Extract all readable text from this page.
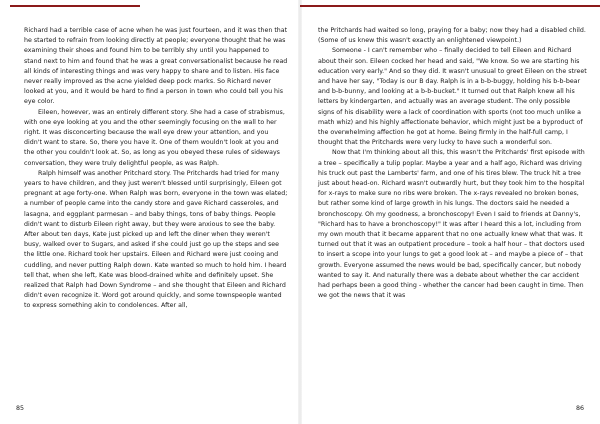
Richard had a terrible case of acne when he was just fourteen, and it was then that he started to refrain from looking directly at people; everyone thought that he was examining their shoes and found him to be terribly shy until you happened to stand next to him and found that he was a great conversationalist because he read all kinds of interesting things and was very happy to share and to listen. His face never really improved as the acne yielded deep pock marks. So Richard never looked at you, and it would be hard to find a person in town who could tell you his eye color.

Eileen, however, was an entirely different story. She had a case of strabismus, with one eye looking at you and the other seemingly focusing on the wall to her right. It was disconcerting because the wall eye drew your attention, and you didn't want to stare. So, there you have it. One of them wouldn't look at you and the other you couldn't look at. So, as long as you obeyed these rules of sideways conversation, they were truly delightful people, as was Ralph.

Ralph himself was another Pritchard story. The Pritchards had tried for many years to have children, and they just weren't blessed until surprisingly, Eileen got pregnant at age forty-one. When Ralph was born, everyone in the town was elated; a number of people came into the candy store and gave Richard casseroles, and lasagna, and eggplant parmesan – and baby things, tons of baby things. People didn't want to disturb Eileen right away, but they were anxious to see the baby. After about ten days, Kate just picked up and left the diner when they weren't busy, walked over to Sugars, and asked if she could just go up the steps and see the little one. Richard took her upstairs. Eileen and Richard were just cooing and cuddling, and never putting Ralph down. Kate wanted so much to hold him. I heard tell that, when she left, Kate was blood-drained white and definitely upset. She realized that Ralph had Down Syndrome – and she thought that Eileen and Richard didn't even recognize it. Word got around quickly, and some townspeople wanted to express something akin to condolences. After all,

85

the Pritchards had waited so long, praying for a baby; now they had a disabled child. (Some of us knew this wasn't exactly an enlightened viewpoint.)

Someone - I can't remember who – finally decided to tell Eileen and Richard about their son. Eileen cocked her head and said, "We know. So we are starting his education very early." And so they did. It wasn't unusual to greet Eileen on the street and have her say, "Today is our B day. Ralph is in a b-b-buggy, holding his b-b-bear and b-b-bunny, and looking at a b-b-bucket." It turned out that Ralph knew all his letters by kindergarten, and actually was an average student. The only possible signs of his disability were a lack of coordination with sports (not too much unlike a math whiz) and his highly affectionate behavior, which might just be a byproduct of the overwhelming affection he got at home. Being firmly in the half-full camp, I thought that the Pritchards were very lucky to have such a wonderful son.

Now that I'm thinking about all this, this wasn't the Pritchards' first episode with a tree – specifically a tulip poplar. Maybe a year and a half ago, Richard was driving his truck out past the Lamberts' farm, and one of his tires blew. The truck hit a tree just about head-on. Richard wasn't outwardly hurt, but they took him to the hospital for x-rays to make sure no ribs were broken. The x-rays revealed no broken bones, but rather some kind of large growth in his lungs. The doctors said he needed a bronchoscopy. Oh my goodness, a bronchoscopy! Even I said to friends at Danny's, "Richard has to have a bronchoscopy!" It was after I heard this a lot, including from my own mouth that it became apparent that no one actually knew what that was. It turned out that it was an outpatient procedure – took a half hour – that doctors used to insert a scope into your lungs to get a good look at – and maybe a piece of – that growth. Everyone assumed the news would be bad, specifically cancer, but nobody wanted to say it. And naturally there was a debate about whether the car accident had perhaps been a good thing - whether the cancer had been caught in time. Then we got the news that it was

86
